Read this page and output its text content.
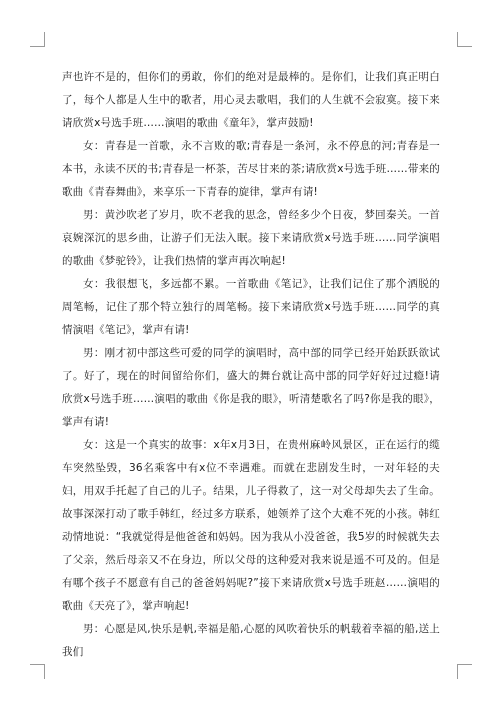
声也许不是的，但你们的勇敢，你们的绝对是最棒的。是你们，让我们真正明白了，每个人都是人生中的歌者，用心灵去歌唱，我们的人生就不会寂寞。接下来请欣赏x号选手班……演唱的歌曲《童年》，掌声鼓励!

女：青春是一首歌，永不言败的歌;青春是一条河，永不停息的河;青春是一本书，永读不厌的书;青春是一杯茶，苦尽甘来的茶;请欣赏x号选手班……带来的歌曲《青春舞曲》，来享乐一下青春的旋律，掌声有请!

男：黄沙吹老了岁月，吹不老我的思念，曾经多少个日夜，梦回秦关。一首哀婉深沉的思乡曲，让游子们无法入眠。接下来请欣赏x号选手班……同学演唱的歌曲《梦驼铃》，让我们热情的掌声再次响起!

女：我很想飞，多远都不累。一首歌曲《笔记》，让我们记住了那个洒脱的周笔畅，记住了那个特立独行的周笔畅。接下来请欣赏x号选手班……同学的真情演唱《笔记》，掌声有请!

男：刚才初中部这些可爱的同学的演唱时，高中部的同学已经开始跃跃欲试了。好了，现在的时间留给你们，盛大的舞台就让高中部的同学好好过过瘾!请欣赏x号选手班……演唱的歌曲《你是我的眼》，听清楚歌名了吗?你是我的眼》，掌声有请!

女：这是一个真实的故事：x年x月3日，在贵州麻岭风景区，正在运行的缆车突然坠毁，36名乘客中有x位不幸遇难。而就在悲剧发生时，一对年轻的夫妇，用双手托起了自己的儿子。结果，儿子得救了，这一对父母却失去了生命。故事深深打动了歌手韩红，经过多方联系，她领养了这个大难不死的小孩。韩红动情地说：“我就觉得是他爸爸和妈妈。因为我从小没爸爸，我5岁的时候就失去了父亲，然后母亲又不在身边，所以父母的这种爱对我来说是遥不可及的。但是有哪个孩子不愿意有自己的爸爸妈妈呢?”接下来请欣赏x号选手班赵……演唱的歌曲《天亮了》，掌声响起!

男：心愿是风,快乐是帆,幸福是船,心愿的风吹着快乐的帆载着幸福的船,送上我们
